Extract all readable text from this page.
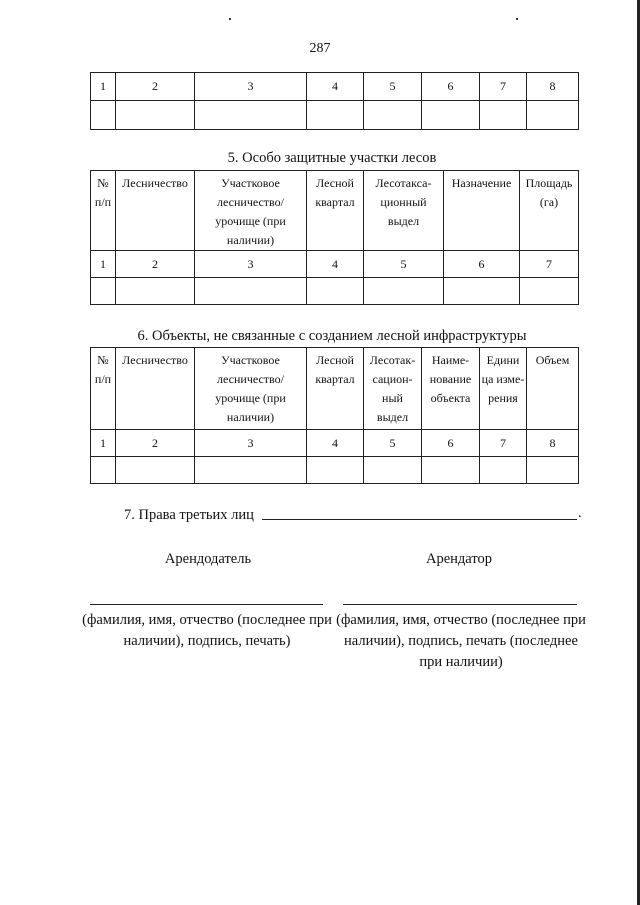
287
1	2	3	4	5	6	7	8

5. Особо защитные участки лесов
№ п/п	Лесничество	Участковое лесничество/ урочище (при наличии)	Лесной квартал	Лесотакса-ционный выдел	Назначение	Площадь (га)
1	2	3	4	5	6	7

6. Объекты, не связанные с созданием лесной инфраструктуры
№ п/п	Лесничество	Участковое лесничество/ урочище (при наличии)	Лесной квартал	Лесотак-сацион-ный выдел	Наиме-нование объекта	Едини ца изме-рения	Объем
1	2	3	4	5	6	7	8

7. Права третьих лиц	.
Арендодатель	Арендатор
(фамилия, имя, отчество (последнее при наличии), подпись, печать)
(фамилия, имя, отчество (последнее при наличии), подпись, печать (последнее при наличии)
